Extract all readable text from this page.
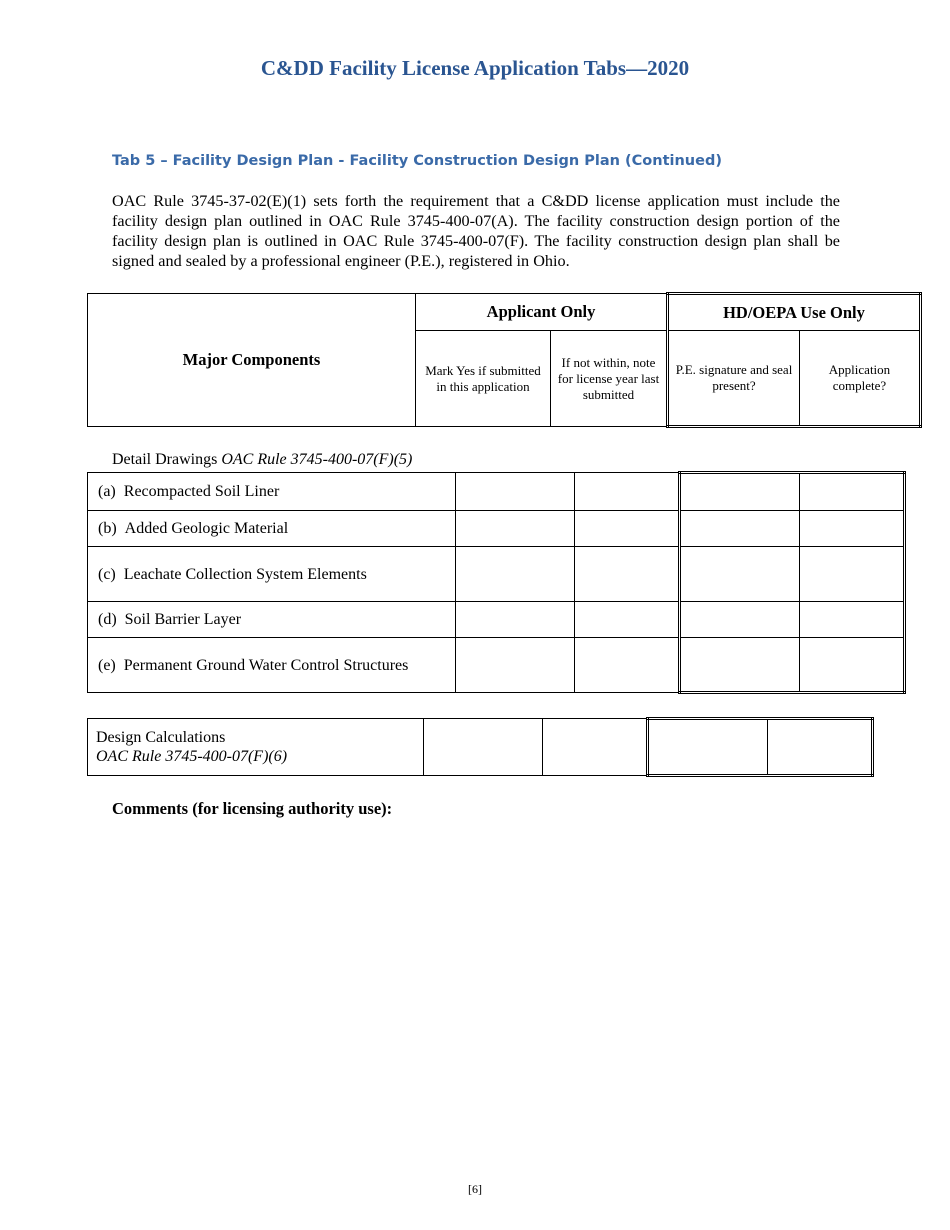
C&DD Facility License Application Tabs—2020
Tab 5 – Facility Design Plan - Facility Construction Design Plan (Continued)
OAC Rule 3745-37-02(E)(1) sets forth the requirement that a C&DD license application must include the facility design plan outlined in OAC Rule 3745-400-07(A). The facility construction design portion of the facility design plan is outlined in OAC Rule 3745-400-07(F). The facility construction design plan shall be signed and sealed by a professional engineer (P.E.), registered in Ohio.
Major Components	Applicant Only		HD/OEPA Use Only	
	Mark Yes if submitted in this application	If not within, note for license year last submitted	P.E. signature and seal present?	Application complete?
Detail Drawings OAC Rule 3745-400-07(F)(5)
(a) Recompacted Soil Liner				
(b) Added Geologic Material				
(c) Leachate Collection System Elements				
(d) Soil Barrier Layer				
(e) Permanent Ground Water Control Structures				
Design Calculations
OAC Rule 3745-400-07(F)(6)

Comments (for licensing authority use):
[6]
